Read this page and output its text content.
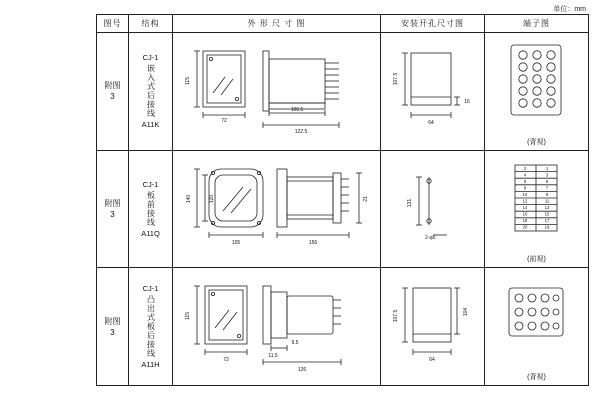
单位：mm
图号	结构	外 形 尺 寸 图	安装开孔尺寸图	端子图

附图
3

CJ-1
嵌入式后接线
A11K

115
72
100.5
122.5

107.5
16
64

(背视)

附图
3

CJ-1
板前接线
A11Q

140	120
105	156
21	131
2-φ5

2	1
4	3
6	5
8	7
10	9
12	11
14	13
16	15
18	17
20	19
(前视)

附图
3

CJ-1
凸出式板后接线
A11H

115
72
9.5
11.5
126

107.5	104
64

(背视)
